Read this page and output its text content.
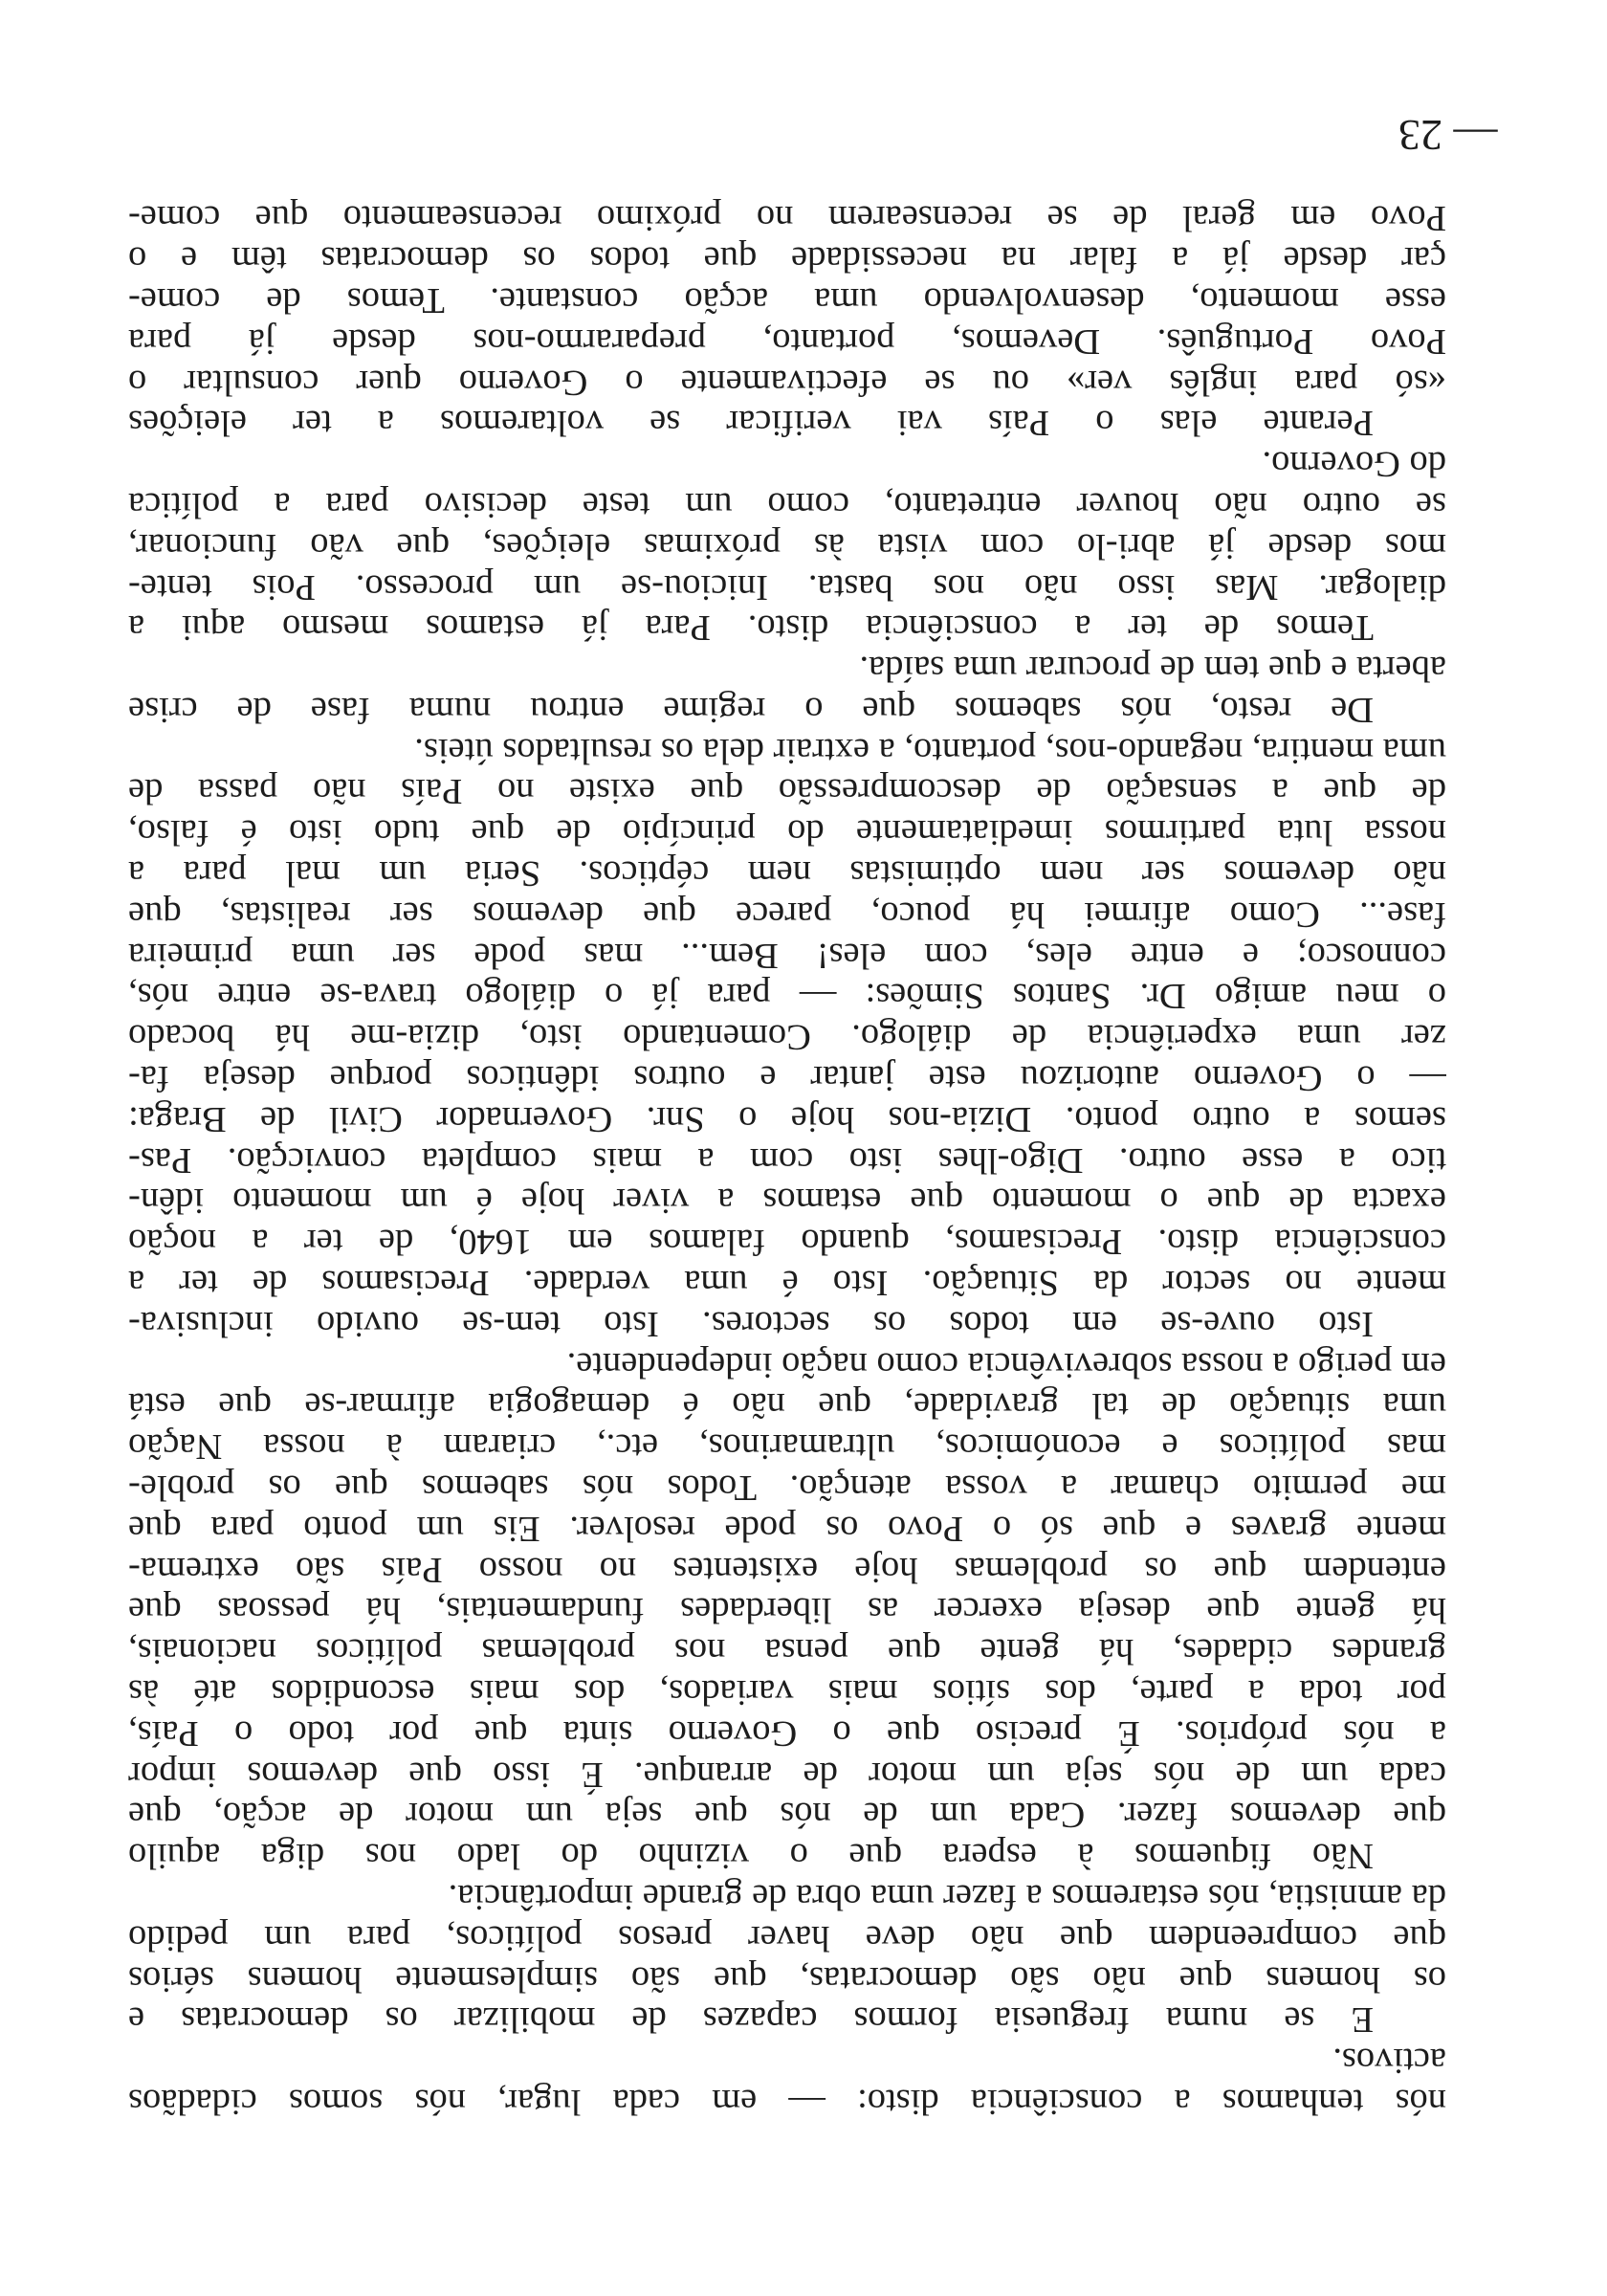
nós tenhamos a consciência disto: — em cada lugar, nós somos cidadãos
activos.
E se numa freguesia formos capazes de mobilizar os democratas e
os homens que não são democratas, que são simplesmente homens sérios
que compreendem que não deve haver presos políticos, para um pedido
da amnistia, nós estaremos a fazer uma obra de grande importância.
Não fiquemos à espera que o vizinho do lado nos diga aquilo
que devemos fazer. Cada um de nós que seja um motor de acção, que
cada um de nós seja um motor de arranque. É isso que devemos impor
a nós próprios. É preciso que o Governo sinta que por todo o País,
por toda a parte, dos sítios mais variados, dos mais escondidos até às
grandes cidades, há gente que pensa nos problemas políticos nacionais,
há gente que deseja exercer as liberdades fundamentais, há pessoas que
entendem que os problemas hoje existentes no nosso País são extrema-
mente graves e que só o Povo os pode resolver. Eis um ponto para que
me permito chamar a vossa atenção. Todos nós sabemos que os proble-
mas políticos e económicos, ultramarinos, etc., criaram à nossa Nação
uma situação de tal gravidade, que não é demagogia afirmar-se que está
em perigo a nossa sobrevivência como nação independente.
Isto ouve-se em todos os sectores. Isto tem-se ouvido inclusiva-
mente no sector da Situação. Isto é uma verdade. Precisamos de ter a
consciência disto. Precisamos, quando falamos em 1640, de ter a noção
exacta de que o momento que estamos a viver hoje é um momento idên-
tico a esse outro. Digo-lhes isto com a mais completa convicção. Pas-
semos a outro ponto. Dizia-nos hoje o Snr. Governador Civil de Braga:
— o Governo autorizou este jantar e outros idênticos porque deseja fa-
zer uma experiência de diálogo. Comentando isto, dizia-me há bocado
o meu amigo Dr. Santos Simões: — para já o diálogo trava-se entre nós,
connosco; e entre eles, com eles! Bem... mas pode ser uma primeira
fase... Como afirmei há pouco, parece que devemos ser realistas, que
não devemos ser nem optimistas nem cépticos. Seria um mal para a
nossa luta partirmos imediatamente do princípio de que tudo isto é falso,
de que a sensação de descompressão que existe no País não passa de
uma mentira, negando-nos, portanto, a extrair dela os resultados úteis.
De resto, nós sabemos que o regime entrou numa fase de crise
aberta e que tem de procurar uma saída.
Temos de ter a consciência disto. Para já estamos mesmo aqui a
dialogar. Mas isso não nos basta. Iniciou-se um processo. Pois tente-
mos desde já abri-lo com vista às próximas eleições, que vão funcionar,
se outro não houver entretanto, como um teste decisivo para a política
do Governo.
Perante elas o País vai verificar se voltaremos a ter eleições
«só para inglês ver» ou se efectivamente o Governo quer consultar o
Povo Português. Devemos, portanto, prepararmo-nos desde já para
esse momento, desenvolvendo uma acção constante. Temos de come-
çar desde já a falar na necessidade que todos os democratas têm e o
Povo em geral de se recensearem no próximo recenseamento que come-
— 23
